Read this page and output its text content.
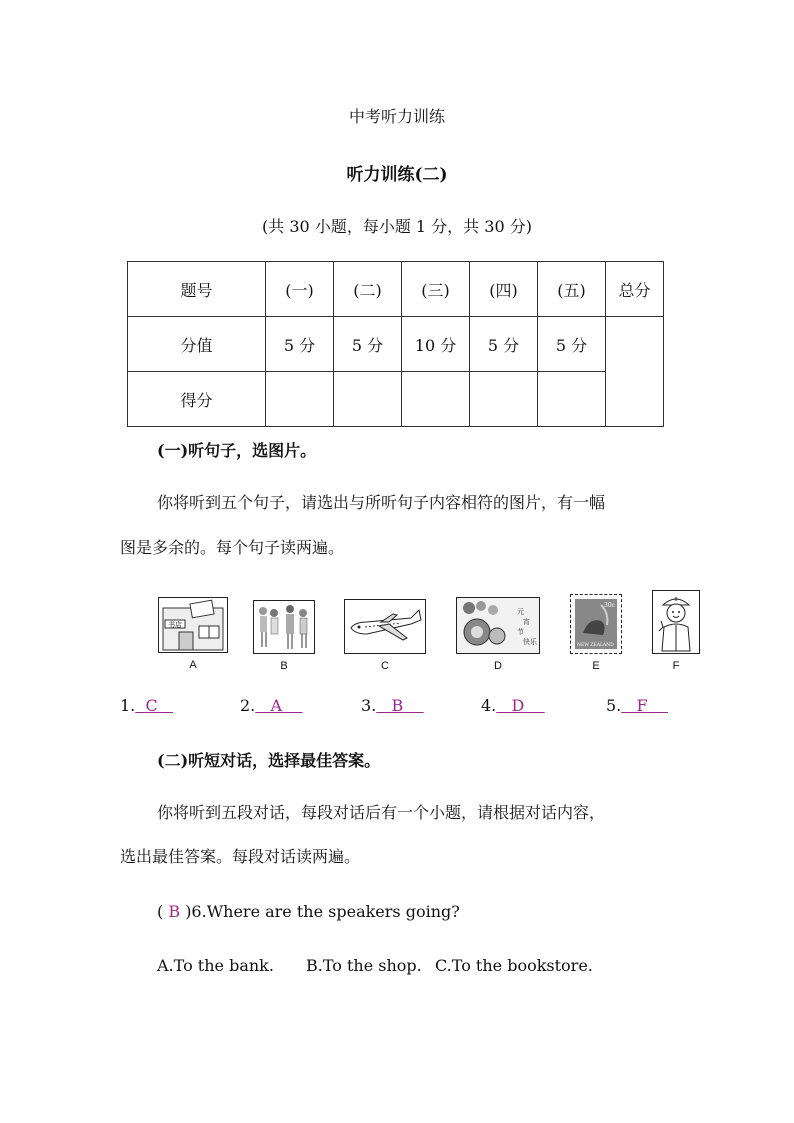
中考听力训练
听力训练(二)
(共 30 小题，每小题 1 分，共 30 分)
题号	(一)	(二)	(三)	(四)	(五)	总分
分值	5 分	5 分	10 分	5 分	5 分	
得分						
(一)听句子，选图片。
你将听到五个句子，请选出与所听句子内容相符的图片，有一幅
图是多余的。每个句子读两遍。
书店
A	B	C
元
宵
节
快乐
D
30c
NEW ZEALAND
E	F
1. C	2. A	3. B	4. D	5. F
(二)听短对话，选择最佳答案。
你将听到五段对话，每段对话后有一个小题，请根据对话内容，
选出最佳答案。每段对话读两遍。
( B )6.Where are the speakers going?
A.To the bank. B.To the shop. C.To the bookstore.
